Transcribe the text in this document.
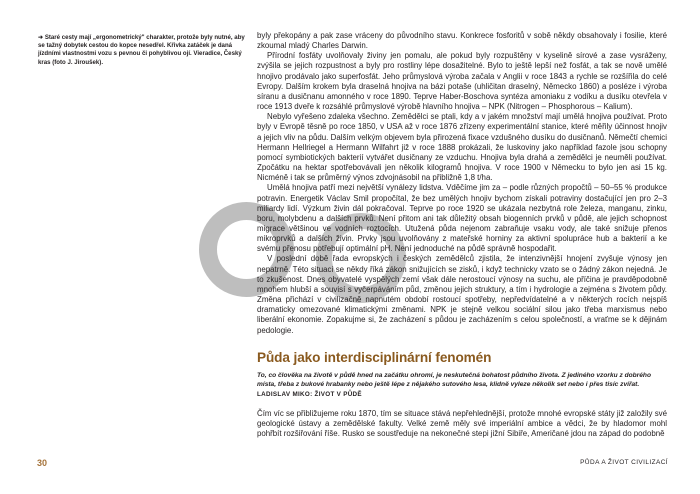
➜ Staré cesty mají „ergonometrický" charakter, protože byly nutné, aby se tažný dobytek cestou do kopce nesedřel. Křivka zatáček je daná jízdními vlastnostmi vozu s pevnou či pohyblivou ojí. Vieradice, Český kras (foto J. Jiroušek).

byly překopány a pak zase vráceny do původního stavu. Konkrece fosforitů v sobě někdy obsahovaly i fosilie, které zkoumal mladý Charles Darwin.

Přírodní fosfáty uvolňovaly živiny jen pomalu, ale pokud byly rozpuštěny v kyselině sírové a zase vysráženy, zvýšila se jejich rozpustnost a byly pro rostliny lépe dosažitelné. Bylo to ještě lepší než fosfát, a tak se nově umělé hnojivo prodávalo jako superfosfát. Jeho průmyslová výroba začala v Anglii v roce 1843 a rychle se rozšířila do celé Evropy. Dalším krokem byla draselná hnojiva na bázi potaše (uhličitan draselný, Německo 1860) a posléze i výroba síranu a dusičnanu amonného v roce 1890. Teprve Haber-Boschova syntéza amoniaku z vodíku a dusíku otevřela v roce 1913 dveře k rozsáhlé průmyslové výrobě hlavního hnojiva – NPK (Nitrogen – Phosphorous – Kalium).

Nebylo vyřešeno zdaleka všechno. Zemědělci se ptali, kdy a v jakém množství mají umělá hnojiva používat. Proto byly v Evropě těsně po roce 1850, v USA až v roce 1876 zřízeny experimentální stanice, které měřily účinnost hnojiv a jejich vliv na půdu. Dalším velkým objevem byla přirozená fixace vzdušného dusíku do dusičnanů. Němečtí chemici Hermann Hellriegel a Hermann Wilfahrt již v roce 1888 prokázali, že luskoviny jako například fazole jsou schopny pomocí symbiotických bakterií vytvářet dusičnany ze vzduchu. Hnojiva byla drahá a zemědělci je neuměli používat. Zpočátku na hektar spotřebovávali jen několik kilogramů hnojiva. V roce 1900 v Německu to bylo jen asi 15 kg. Nicméně i tak se průměrný výnos zdvojnásobil na přibližně 1,8 t/ha.

Umělá hnojiva patří mezi největší vynálezy lidstva. Vděčíme jim za – podle různých propočtů – 50–55 % produkce potravin. Energetik Václav Smil propočítal, že bez umělých hnojiv bychom získali potraviny dostačující jen pro 2–3 miliardy lidí. Výzkum živin dál pokračoval. Teprve po roce 1920 se ukázala nezbytná role železa, manganu, zinku, boru, molybdenu a dalších prvků. Není přitom ani tak důležitý obsah biogenních prvků v půdě, ale jejich schopnost migrace většinou ve vodních roztocích. Utužená půda nejenom zabraňuje vsaku vody, ale také snižuje přenos mikroprvků a dalších živin. Prvky jsou uvolňovány z mateřské horniny za aktivní spolupráce hub a bakterií a ke svému přenosu potřebují optimální pH. Není jednoduché na půdě správně hospodařit.

V poslední době řada evropských i českých zemědělců zjistila, že intenzivnější hnojení zvyšuje výnosy jen nepatrně. Této situaci se někdy říká zákon snižujících se zisků, i když technicky vzato se o žádný zákon nejedná. Je to zkušenost. Dnes obyvatelé vyspělých zemí však dále nerostoucí výnosy na suchu, ale příčina je pravděpodobně mnohem hlubší a souvisí s vyčerpáváním půd, změnou jejich struktury, a tím i hydrologie a zejména s životem půdy. Změna přichází v civilizačně napnutém období rostoucí spotřeby, nepředvídatelné a v některých rocích nejspíš dramaticky omezované klimatickými změnami. NPK je stejně velkou sociální silou jako třeba marxismus nebo liberální ekonomie. Zopakujme si, že zacházení s půdou je zacházením s celou společností, a vraťme se k dějinám pedologie.

Půda jako interdisciplinární fenomén
To, co člověka na životě v půdě hned na začátku ohromí, je neskutečná bohatost půdního života. Z jediného vzorku z dobrého místa, třeba z bukové hrabanky nebo ještě lépe z nějakého sutového lesa, klidně vyleze několik set nebo i přes tisíc zvířat.
LADISLAV MIKO: ŽIVOT V PŮDĚ
Čím víc se přibližujeme roku 1870, tím se situace stává nepřehlednější, protože mnohé evropské státy již založily své geologické ústavy a zemědělské fakulty. Velké země měly své imperiální ambice a vědci, že by hladomor mohl pohřbít rozšiřování říše. Rusko se soustředuje na nekonečné stepi jižní Sibiře, Američané jdou na západ do podobně
30	PŮDA A ŽIVOT CIVILIZACÍ
